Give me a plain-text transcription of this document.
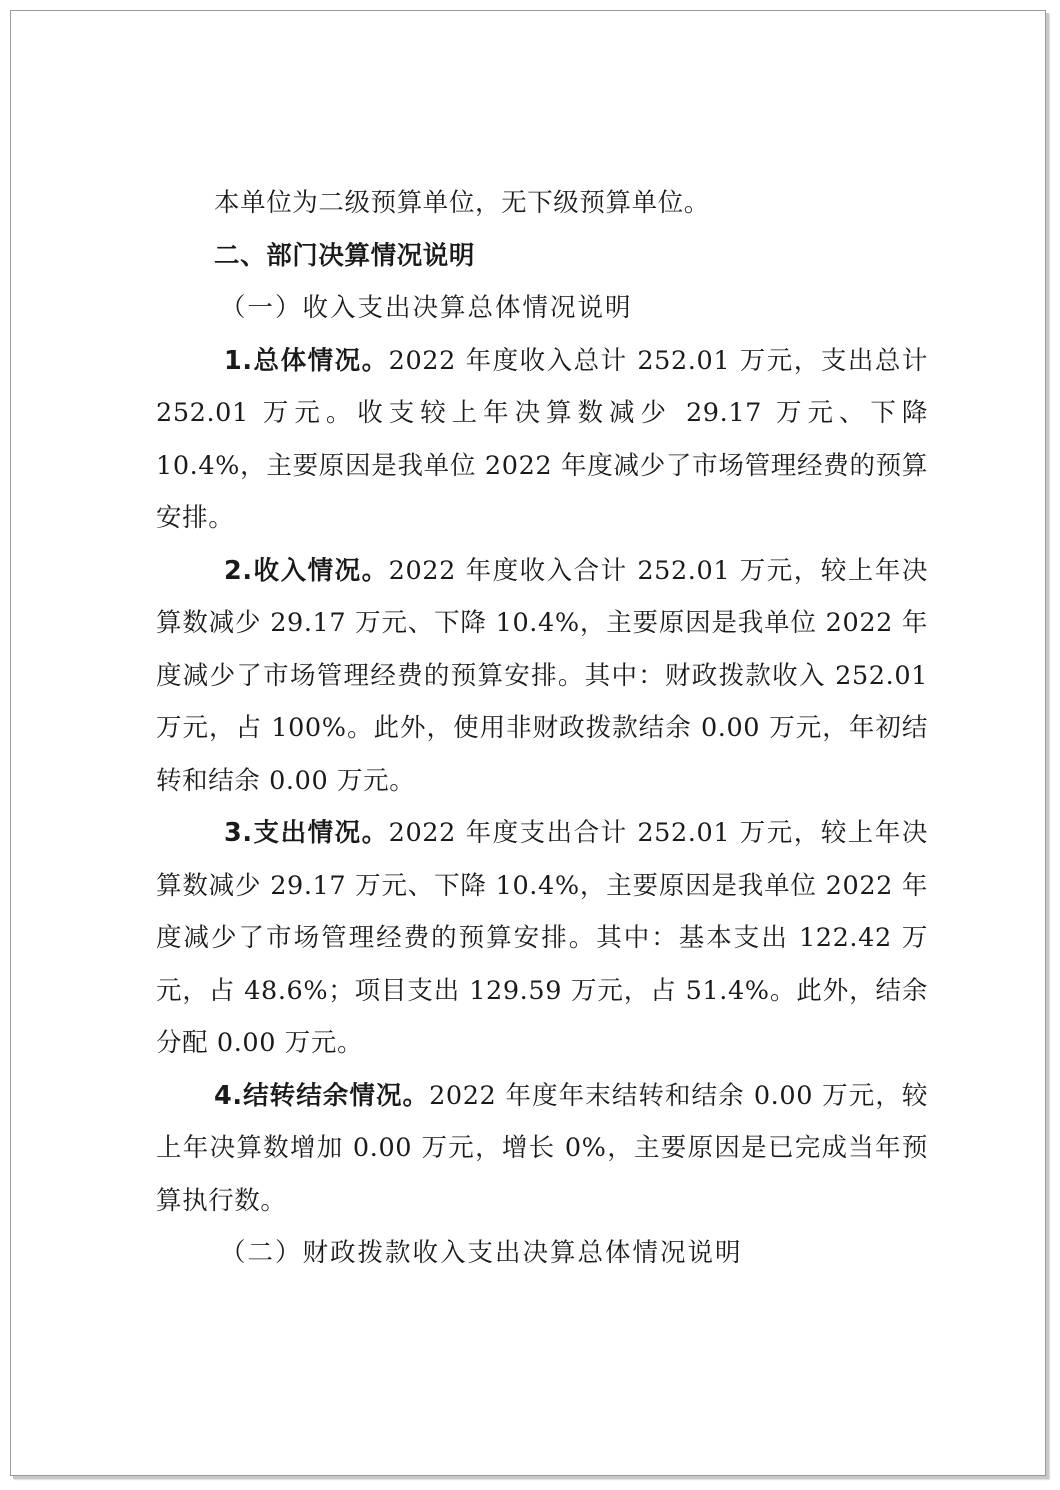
本单位为二级预算单位，无下级预算单位。

二、部门决算情况说明

（一）收入支出决算总体情况说明

1.总体情况。2022 年度收入总计 252.01 万元，支出总计 252.01 万元。收支较上年决算数减少 29.17 万元、下降 10.4%，主要原因是我单位 2022 年度减少了市场管理经费的预算安排。

2.收入情况。2022 年度收入合计 252.01 万元，较上年决算数减少 29.17 万元、下降 10.4%，主要原因是我单位 2022 年度减少了市场管理经费的预算安排。其中：财政拨款收入 252.01 万元，占 100%。此外，使用非财政拨款结余 0.00 万元，年初结转和结余 0.00 万元。

3.支出情况。2022 年度支出合计 252.01 万元，较上年决算数减少 29.17 万元、下降 10.4%，主要原因是我单位 2022 年度减少了市场管理经费的预算安排。其中：基本支出 122.42 万元，占 48.6%；项目支出 129.59 万元，占 51.4%。此外，结余分配 0.00 万元。

4.结转结余情况。2022 年度年末结转和结余 0.00 万元，较上年决算数增加 0.00 万元，增长 0%，主要原因是已完成当年预算执行数。

（二）财政拨款收入支出决算总体情况说明
